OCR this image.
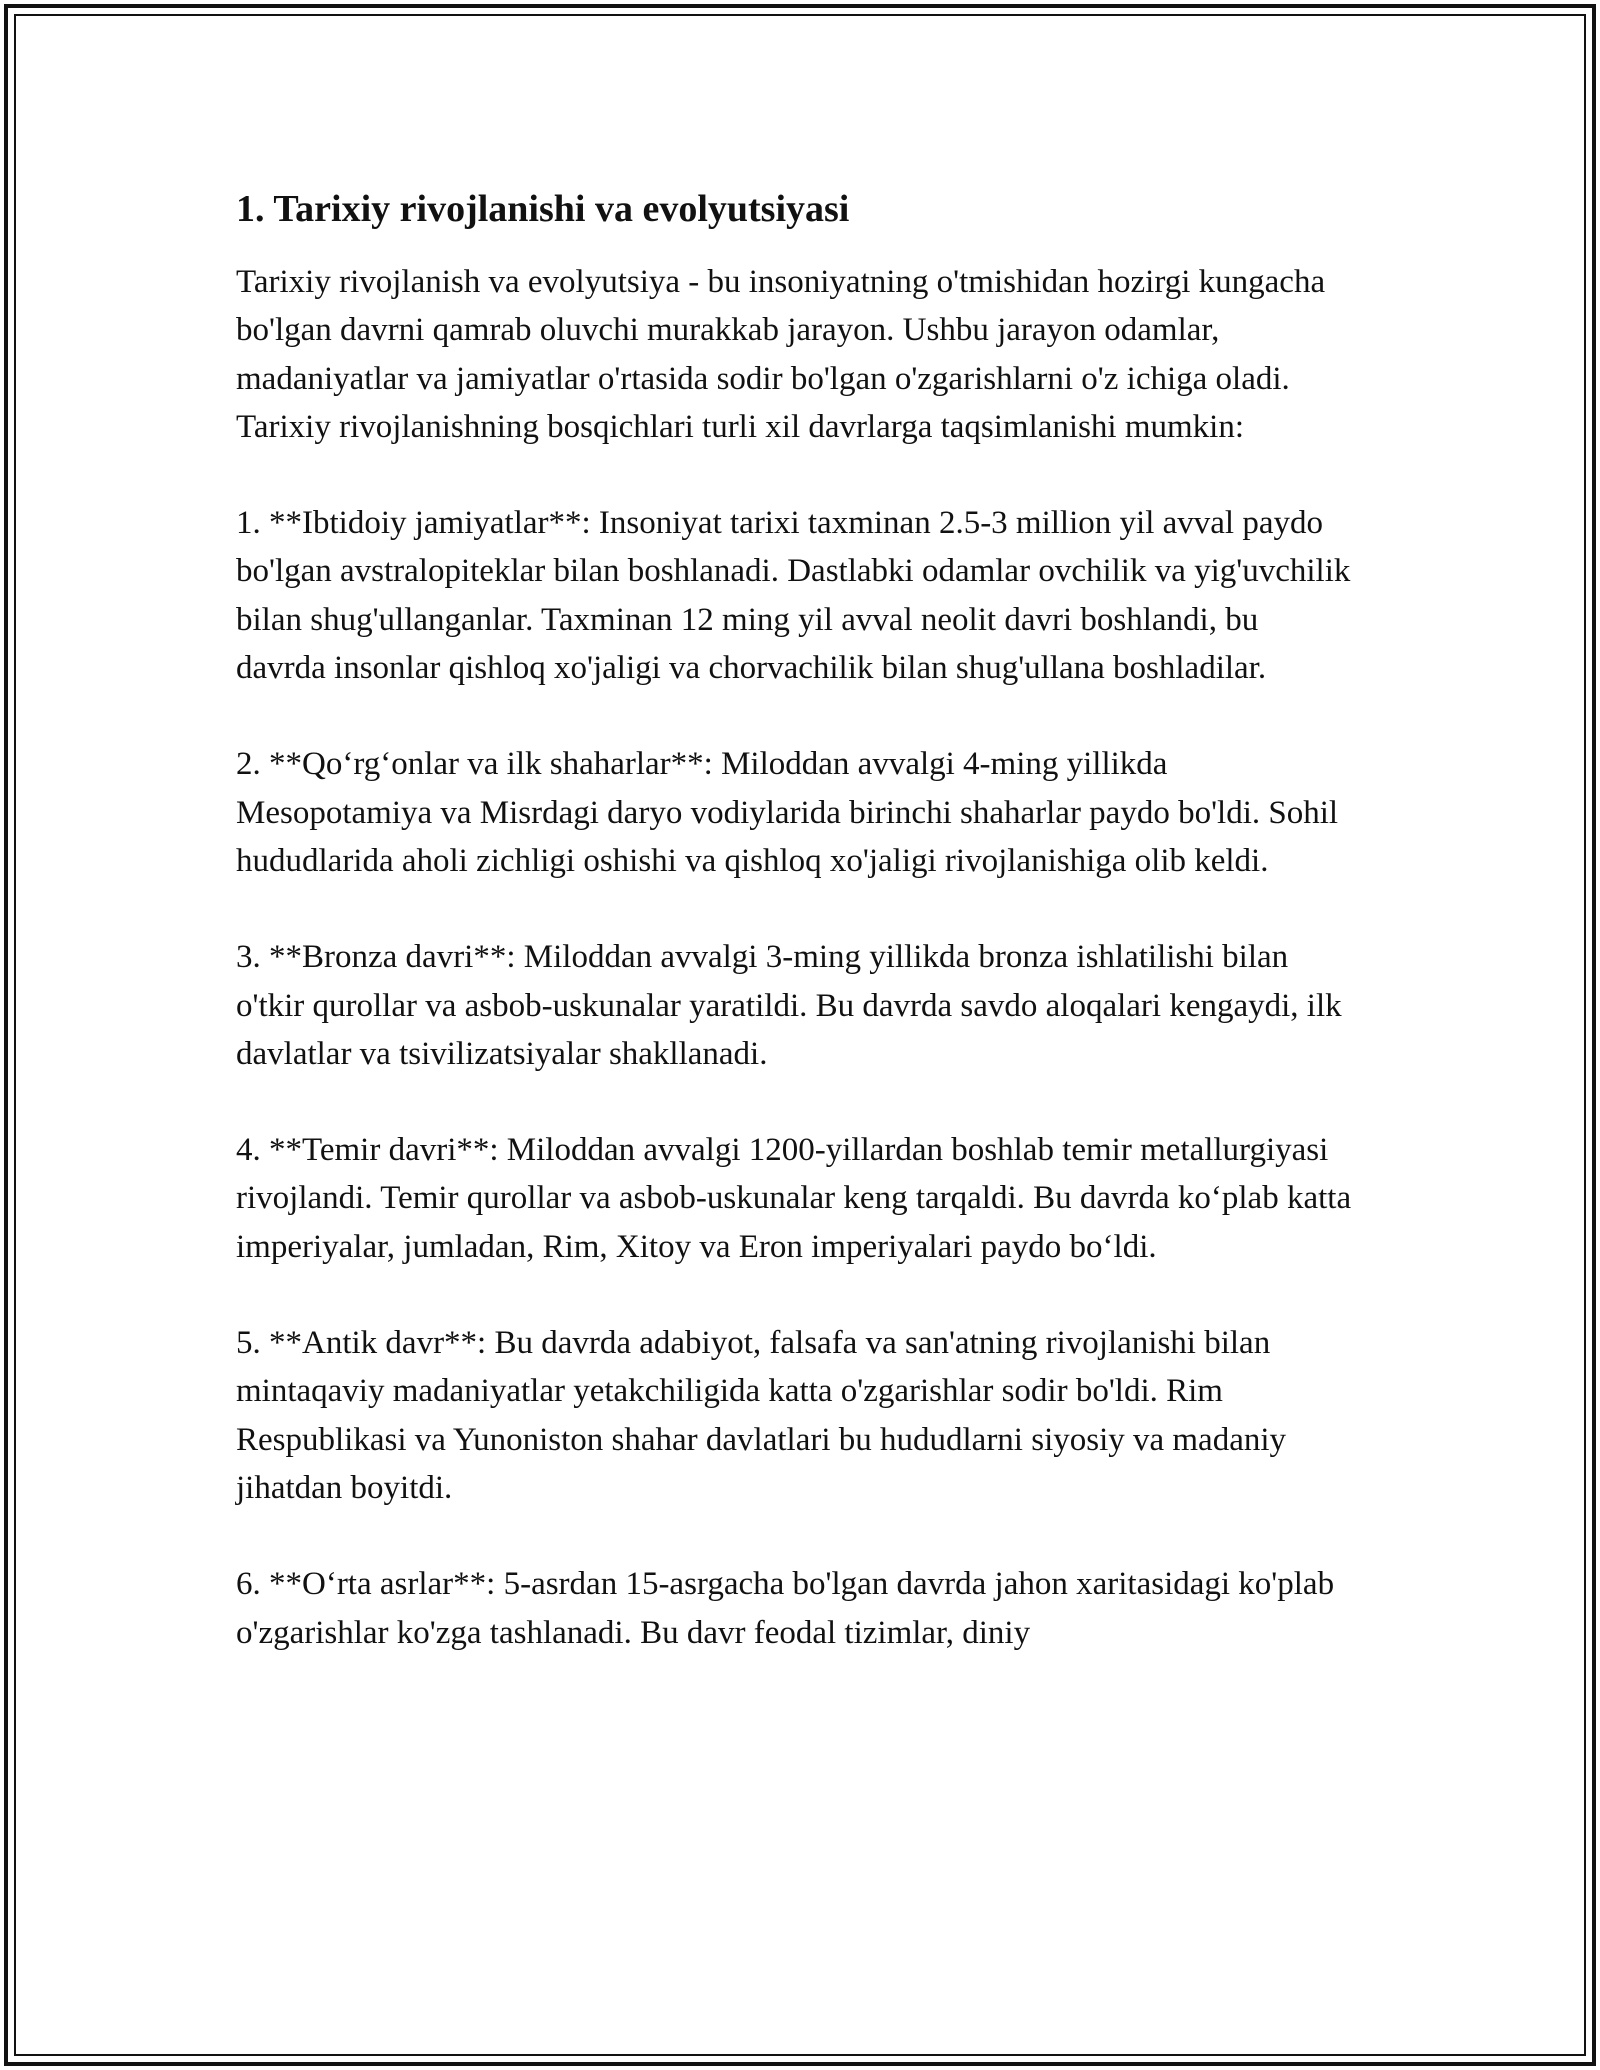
1. Tarixiy rivojlanishi va evolyutsiyasi

Tarixiy rivojlanish va evolyutsiya - bu insoniyatning o'tmishidan hozirgi kungacha bo'lgan davrni qamrab oluvchi murakkab jarayon. Ushbu jarayon odamlar, madaniyatlar va jamiyatlar o'rtasida sodir bo'lgan o'zgarishlarni o'z ichiga oladi. Tarixiy rivojlanishning bosqichlari turli xil davrlarga taqsimlanishi mumkin:

1. **Ibtidoiy jamiyatlar**: Insoniyat tarixi taxminan 2.5-3 million yil avval paydo bo'lgan avstralopiteklar bilan boshlanadi. Dastlabki odamlar ovchilik va yig'uvchilik bilan shug'ullanganlar. Taxminan 12 ming yil avval neolit davri boshlandi, bu davrda insonlar qishloq xo'jaligi va chorvachilik bilan shug'ullana boshladilar.

2. **Qo‘rg‘onlar va ilk shaharlar**: Miloddan avvalgi 4-ming yillikda Mesopotamiya va Misrdagi daryo vodiylarida birinchi shaharlar paydo bo'ldi. Sohil hududlarida aholi zichligi oshishi va qishloq xo'jaligi rivojlanishiga olib keldi.

3. **Bronza davri**: Miloddan avvalgi 3-ming yillikda bronza ishlatilishi bilan o'tkir qurollar va asbob-uskunalar yaratildi. Bu davrda savdo aloqalari kengaydi, ilk davlatlar va tsivilizatsiyalar shakllanadi.

4. **Temir davri**: Miloddan avvalgi 1200-yillardan boshlab temir metallurgiyasi rivojlandi. Temir qurollar va asbob-uskunalar keng tarqaldi. Bu davrda ko‘plab katta imperiyalar, jumladan, Rim, Xitoy va Eron imperiyalari paydo bo‘ldi.

5. **Antik davr**: Bu davrda adabiyot, falsafa va san'atning rivojlanishi bilan mintaqaviy madaniyatlar yetakchiligida katta o'zgarishlar sodir bo'ldi. Rim Respublikasi va Yunoniston shahar davlatlari bu hududlarni siyosiy va madaniy jihatdan boyitdi.

6. **O‘rta asrlar**: 5-asrdan 15-asrgacha bo'lgan davrda jahon xaritasidagi ko'plab o'zgarishlar ko'zga tashlanadi. Bu davr feodal tizimlar, diniy
